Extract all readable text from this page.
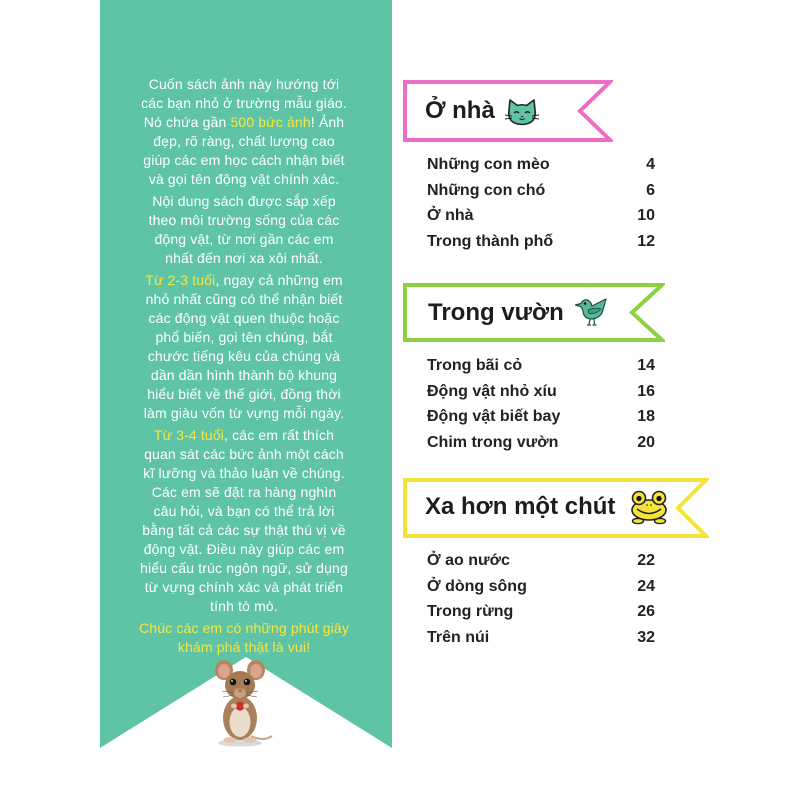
Cuốn sách ảnh này hướng tới
các bạn nhỏ ở trường mẫu giáo.
Nó chứa gần 500 bức ảnh! Ảnh
đẹp, rõ ràng, chất lượng cao
giúp các em học cách nhận biết
và gọi tên động vật chính xác.
Nội dung sách được sắp xếp
theo môi trường sống của các
động vật, từ nơi gần các em
nhất đến nơi xa xôi nhất.
Từ 2-3 tuổi, ngay cả những em
nhỏ nhất cũng có thể nhận biết
các động vật quen thuộc hoặc
phổ biến, gọi tên chúng, bắt
chước tiếng kêu của chúng và
dần dần hình thành bộ khung
hiểu biết về thế giới, đồng thời
làm giàu vốn từ vựng mỗi ngày.
Từ 3-4 tuổi, các em rất thích
quan sát các bức ảnh một cách
kĩ lưỡng và thảo luận về chúng.
Các em sẽ đặt ra hàng nghìn
câu hỏi, và bạn có thể trả lời
bằng tất cả các sự thật thú vị về
động vật. Điều này giúp các em
hiểu cấu trúc ngôn ngữ, sử dụng
từ vựng chính xác và phát triển
tính tò mò.
Chúc các em có những phút giây
khám phá thật là vui!
Ở nhà
Những con mèo	4
Những con chó	6
Ở nhà	10
Trong thành phố	12
Trong vườn
Trong bãi cỏ	14
Động vật nhỏ xíu	16
Động vật biết bay	18
Chim trong vườn	20
Xa hơn một chút
Ở ao nước	22
Ở dòng sông	24
Trong rừng	26
Trên núi	32
